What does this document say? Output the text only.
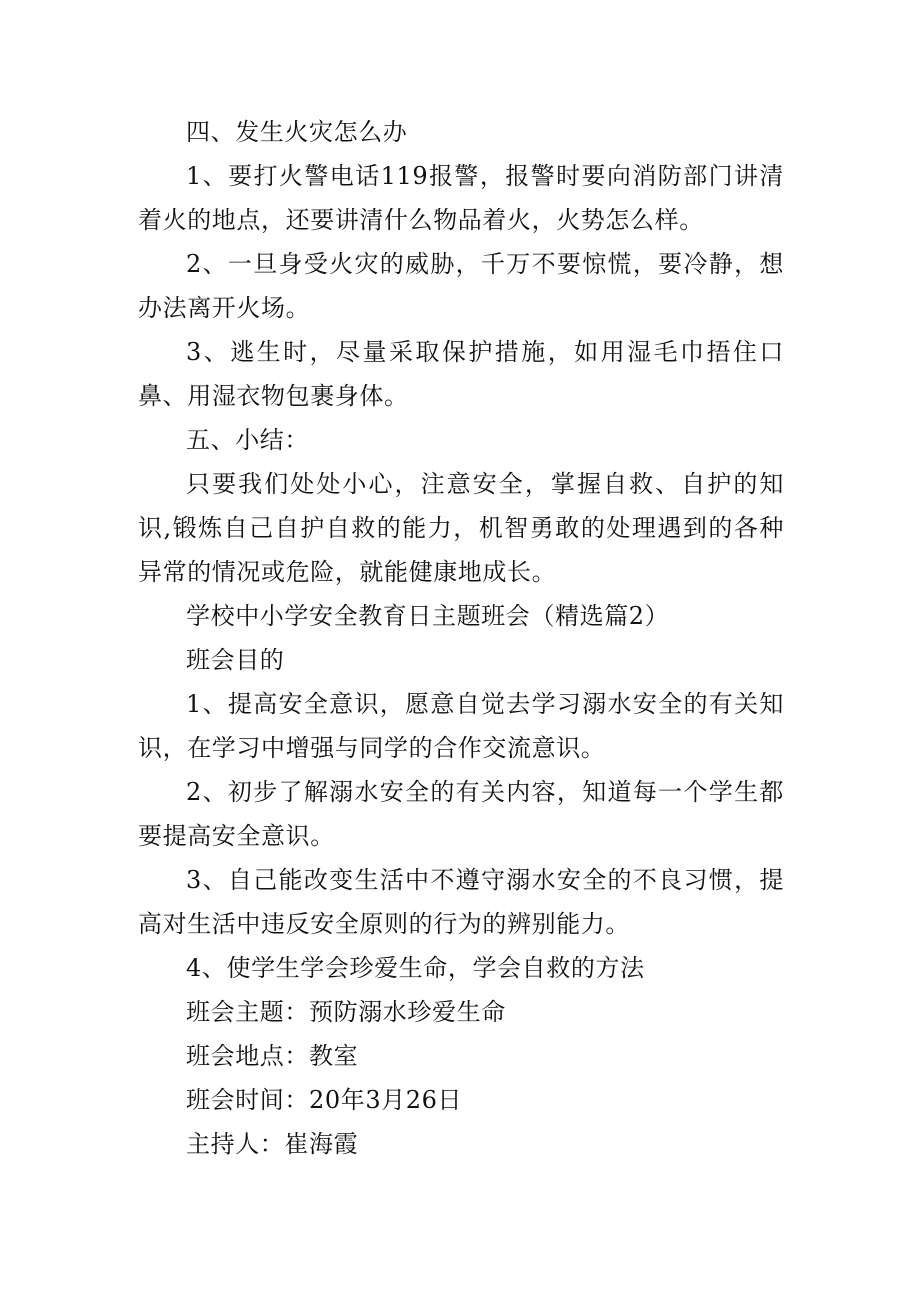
四、发生火灾怎么办

1、要打火警电话119报警，报警时要向消防部门讲清着火的地点，还要讲清什么物品着火，火势怎么样。

2、一旦身受火灾的威胁，千万不要惊慌，要冷静，想办法离开火场。

3、逃生时，尽量采取保护措施，如用湿毛巾捂住口鼻、用湿衣物包裹身体。

五、小结：

只要我们处处小心，注意安全，掌握自救、自护的知识,锻炼自己自护自救的能力，机智勇敢的处理遇到的各种异常的情况或危险，就能健康地成长。

学校中小学安全教育日主题班会（精选篇2）

班会目的

1、提高安全意识，愿意自觉去学习溺水安全的有关知识，在学习中增强与同学的合作交流意识。

2、初步了解溺水安全的有关内容，知道每一个学生都要提高安全意识。

3、自己能改变生活中不遵守溺水安全的不良习惯，提高对生活中违反安全原则的行为的辨别能力。

4、使学生学会珍爱生命，学会自救的方法

班会主题：预防溺水珍爱生命

班会地点：教室

班会时间：20年3月26日

主持人：崔海霞
